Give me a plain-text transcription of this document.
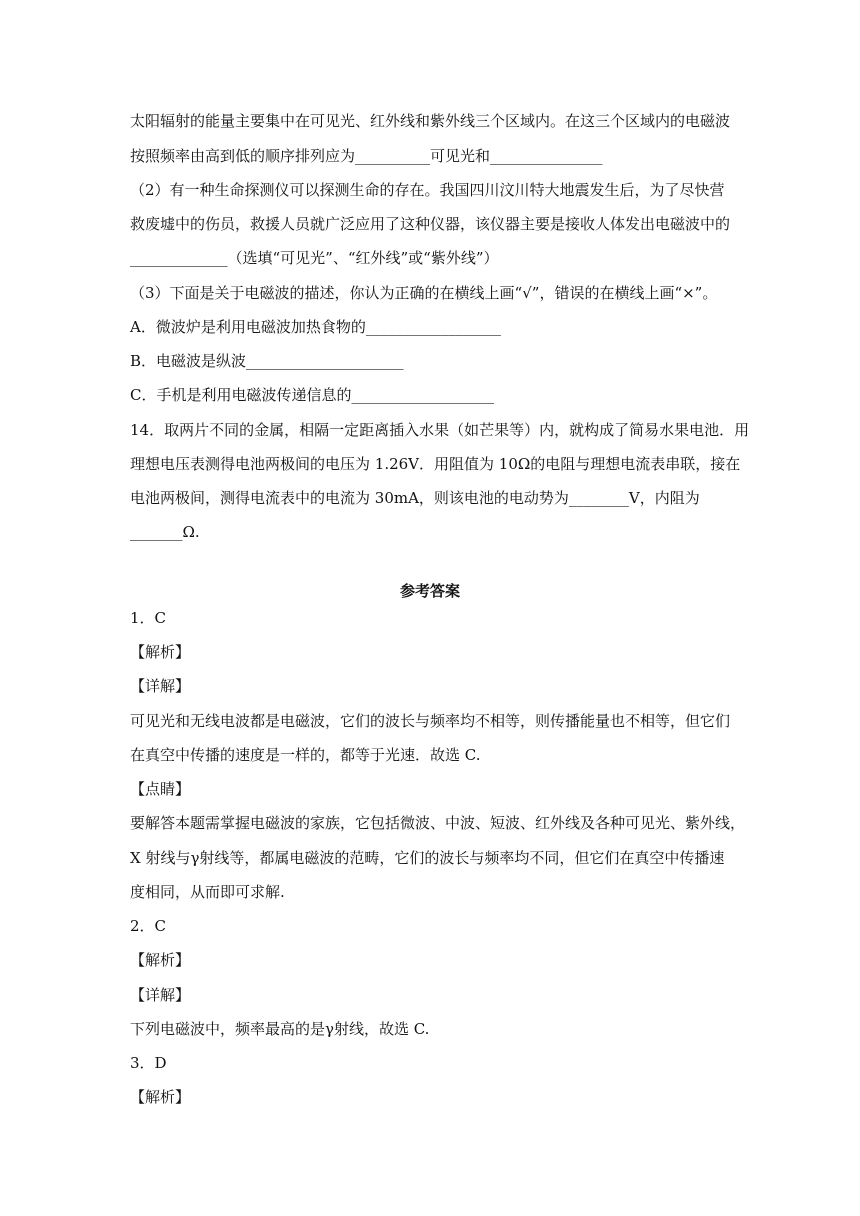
太阳辐射的能量主要集中在可见光、红外线和紫外线三个区域内。在这三个区域内的电磁波
按照频率由高到低的顺序排列应为__________可见光和_______________
（2）有一种生命探测仪可以探测生命的存在。我国四川汶川特大地震发生后，为了尽快营
救废墟中的伤员，救援人员就广泛应用了这种仪器，该仪器主要是接收人体发出电磁波中的
_____________（选填“可见光”、“红外线”或“紫外线”）
（3）下面是关于电磁波的描述，你认为正确的在横线上画“√”，错误的在横线上画“×”。
A．微波炉是利用电磁波加热食物的__________________
B．电磁波是纵波_____________________
C．手机是利用电磁波传递信息的___________________
14．取两片不同的金属，相隔一定距离插入水果（如芒果等）内，就构成了简易水果电池．用
理想电压表测得电池两极间的电压为 1.26V．用阻值为 10Ω的电阻与理想电流表串联，接在
电池两极间，测得电流表中的电流为 30mA，则该电池的电动势为________V，内阻为
_______Ω.
参考答案
1．C
【解析】
【详解】
可见光和无线电波都是电磁波，它们的波长与频率均不相等，则传播能量也不相等，但它们
在真空中传播的速度是一样的，都等于光速．故选 C.
【点睛】
要解答本题需掌握电磁波的家族，它包括微波、中波、短波、红外线及各种可见光、紫外线，
X 射线与γ射线等，都属电磁波的范畴，它们的波长与频率均不同，但它们在真空中传播速
度相同，从而即可求解.
2．C
【解析】
【详解】
下列电磁波中，频率最高的是γ射线，故选 C.
3．D
【解析】
